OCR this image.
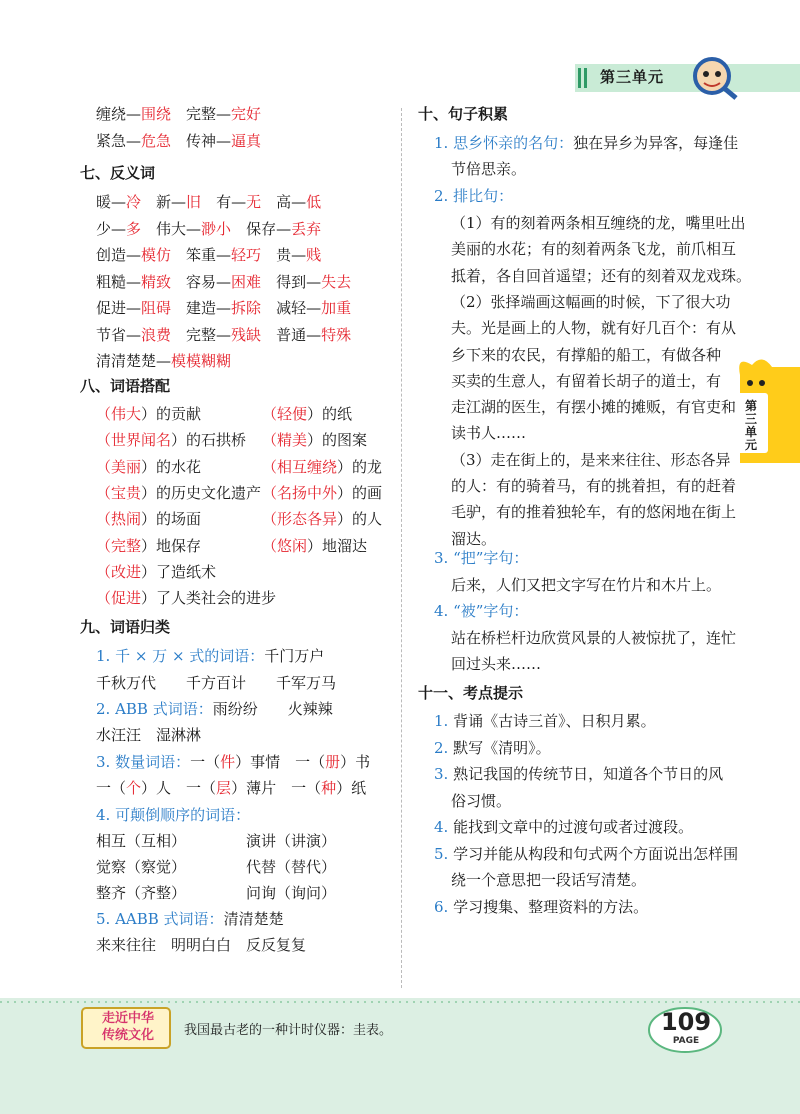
第三单元
第三单元
缠绕—围绕　完整—完好
紧急—危急　传神—逼真
七、反义词
暖—冷　新—旧　有—无　高—低
少—多　伟大—渺小　保存—丢弃
创造—模仿　笨重—轻巧　贵—贱
粗糙—精致　容易—困难　得到—失去
促进—阻碍　建造—拆除　减轻—加重
节省—浪费　完整—残缺　普通—特殊
清清楚楚—模模糊糊
八、词语搭配
（伟大）的贡献
（世界闻名）的石拱桥
（美丽）的水花
（宝贵）的历史文化遗产
（热闹）的场面
（完整）地保存
（改进）了造纸术
（促进）了人类社会的进步
（轻便）的纸
（精美）的图案
（相互缠绕）的龙
（名扬中外）的画
（形态各异）的人
（悠闲）地溜达
九、词语归类
1. 千 × 万 × 式的词语：千门万户
千秋万代　　千方百计　　千军万马
2. ABB 式词语：雨纷纷　　火辣辣
水汪汪　湿淋淋
3. 数量词语：一（件）事情　一（册）书
一（个）人　一（层）薄片　一（种）纸
4. 可颠倒顺序的词语：
相互（互相）
觉察（察觉）
整齐（齐整）
演讲（讲演）
代替（替代）
问询（询问）
5. AABB 式词语：清清楚楚
来来往往　明明白白　反反复复
十、句子积累
1. 思乡怀亲的名句：独在异乡为异客，每逢佳
节倍思亲。
2. 排比句：
（1）有的刻着两条相互缠绕的龙，嘴里吐出
美丽的水花；有的刻着两条飞龙，前爪相互
抵着，各自回首遥望；还有的刻着双龙戏珠。
（2）张择端画这幅画的时候，下了很大功
夫。光是画上的人物，就有好几百个：有从
乡下来的农民，有撑船的船工，有做各种
买卖的生意人，有留着长胡子的道士，有
走江湖的医生，有摆小摊的摊贩，有官吏和
读书人……
（3）走在街上的，是来来往往、形态各异
的人：有的骑着马，有的挑着担，有的赶着
毛驴，有的推着独轮车，有的悠闲地在街上
溜达。
3. “把”字句：
后来，人们又把文字写在竹片和木片上。
4. “被”字句：
站在桥栏杆边欣赏风景的人被惊扰了，连忙
回过头来……
十一、考点提示
1. 背诵《古诗三首》、日积月累。
2. 默写《清明》。
3. 熟记我国的传统节日，知道各个节日的风
俗习惯。
4. 能找到文章中的过渡句或者过渡段。
5. 学习并能从构段和句式两个方面说出怎样围
绕一个意思把一段话写清楚。
6. 学习搜集、整理资料的方法。
走近中华
传统文化	我国最古老的一种计时仪器：圭表。	109
PAGE
